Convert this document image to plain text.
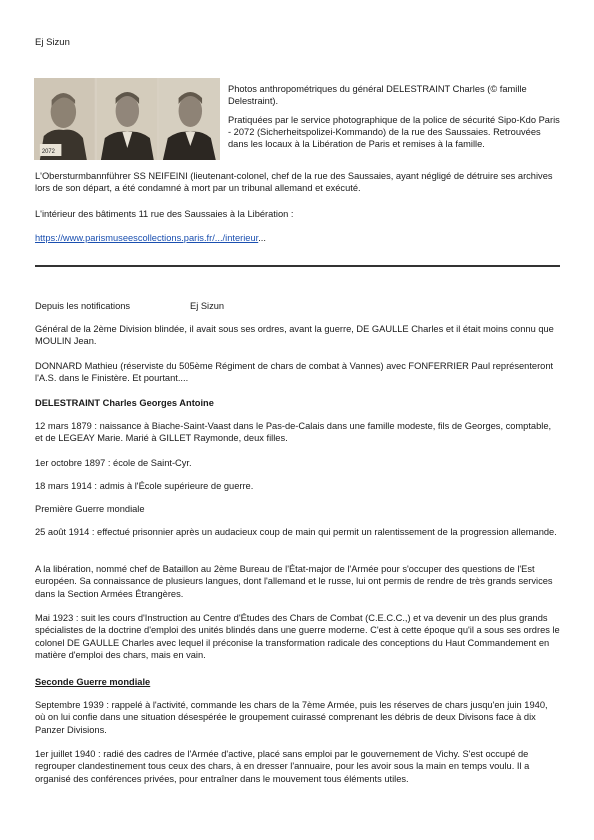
Ej Sizun
2072

Photos anthropométriques du général DELESTRAINT Charles (© famille Delestraint).

Pratiquées par le service photographique de la police de sécurité Sipo-Kdo Paris - 2072 (Sicherheitspolizei-Kommando) de la rue des Saussaies. Retrouvées dans les locaux à la Libération de Paris et remises à la famille.

L'Obersturmbannführer SS NEIFEINI (lieutenant-colonel, chef de la rue des Saussaies, ayant négligé de détruire ses archives lors de son départ, a été condamné à mort par un tribunal allemand et exécuté.

L'intérieur des bâtiments 11 rue des Saussaies à la Libération :

https://www.parismuseescollections.paris.fr/.../interieur...

Depuis les notifications	Ej Sizun

Général de la 2ème Division blindée, il avait sous ses ordres, avant la guerre, DE GAULLE Charles et il était moins connu que MOULIN Jean.

DONNARD Mathieu (réserviste du 505ème Régiment de chars de combat à Vannes) avec FONFERRIER Paul représenteront l'A.S. dans le Finistère. Et pourtant....

DELESTRAINT Charles Georges Antoine

12 mars 1879 : naissance à Biache-Saint-Vaast dans le Pas-de-Calais dans une famille modeste, fils de Georges, comptable, et de LEGEAY Marie. Marié à GILLET Raymonde, deux filles.

1er octobre 1897 : école de Saint-Cyr.

18 mars 1914 : admis à l'École supérieure de guerre.

Première Guerre mondiale

25 août 1914 : effectué prisonnier après un audacieux coup de main qui permit un ralentissement de la progression allemande.

A la libération, nommé chef de Bataillon au 2ème Bureau de l'État-major de l'Armée pour s'occuper des questions de l'Est européen. Sa connaissance de plusieurs langues, dont l'allemand et le russe, lui ont permis de rendre de très grands services dans la Section Armées Étrangères.

Mai 1923 : suit les cours d'Instruction au Centre d'Études des Chars de Combat (C.E.C.C.,) et va devenir un des plus grands spécialistes de la doctrine d'emploi des unités blindés dans une guerre moderne. C'est à cette époque qu'il a sous ses ordres le colonel DE GAULLE Charles avec lequel il préconise la transformation radicale des conceptions du Haut Commandement en matière d'emploi des chars, mais en vain.

Seconde Guerre mondiale

Septembre 1939 : rappelé à l'activité, commande les chars de la 7ème Armée, puis les réserves de chars jusqu'en juin 1940, où on lui confie dans une situation désespérée le groupement cuirassé comprenant les débris de deux Divisons face à dix Panzer Divisions.

1er juillet 1940 : radié des cadres de l'Armée d'active, placé sans emploi par le gouvernement de Vichy. S'est occupé de regrouper clandestinement tous ceux des chars, à en dresser l'annuaire, pour les avoir sous la main en temps voulu. Il a organisé des conférences privées, pour entraîner dans le mouvement tous éléments utiles.
